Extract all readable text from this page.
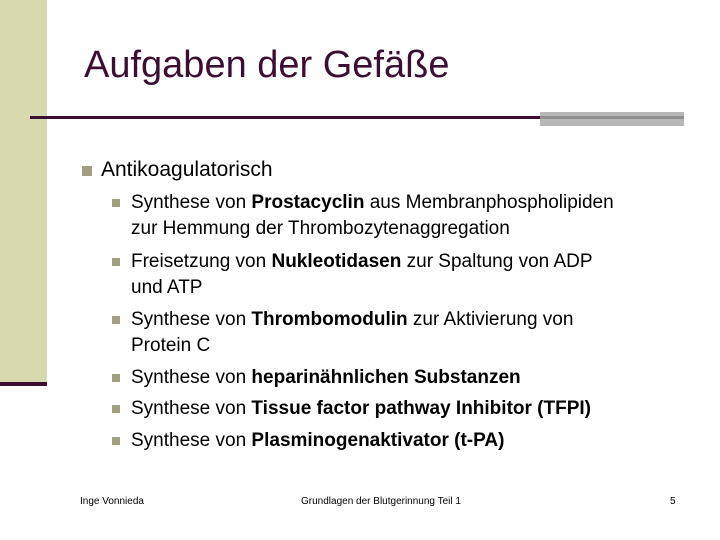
Aufgaben der Gefäße
Antikoagulatorisch
Synthese von Prostacyclin aus Membranphospholipiden
zur Hemmung der Thrombozytenaggregation
Freisetzung von Nukleotidasen zur Spaltung von ADP
und ATP
Synthese von Thrombomodulin zur Aktivierung von
Protein C
Synthese von heparinähnlichen Substanzen
Synthese von Tissue factor pathway Inhibitor (TFPI)
Synthese von Plasminogenaktivator (t-PA)
Inge Vonnieda	Grundlagen der Blutgerinnung Teil 1	5
